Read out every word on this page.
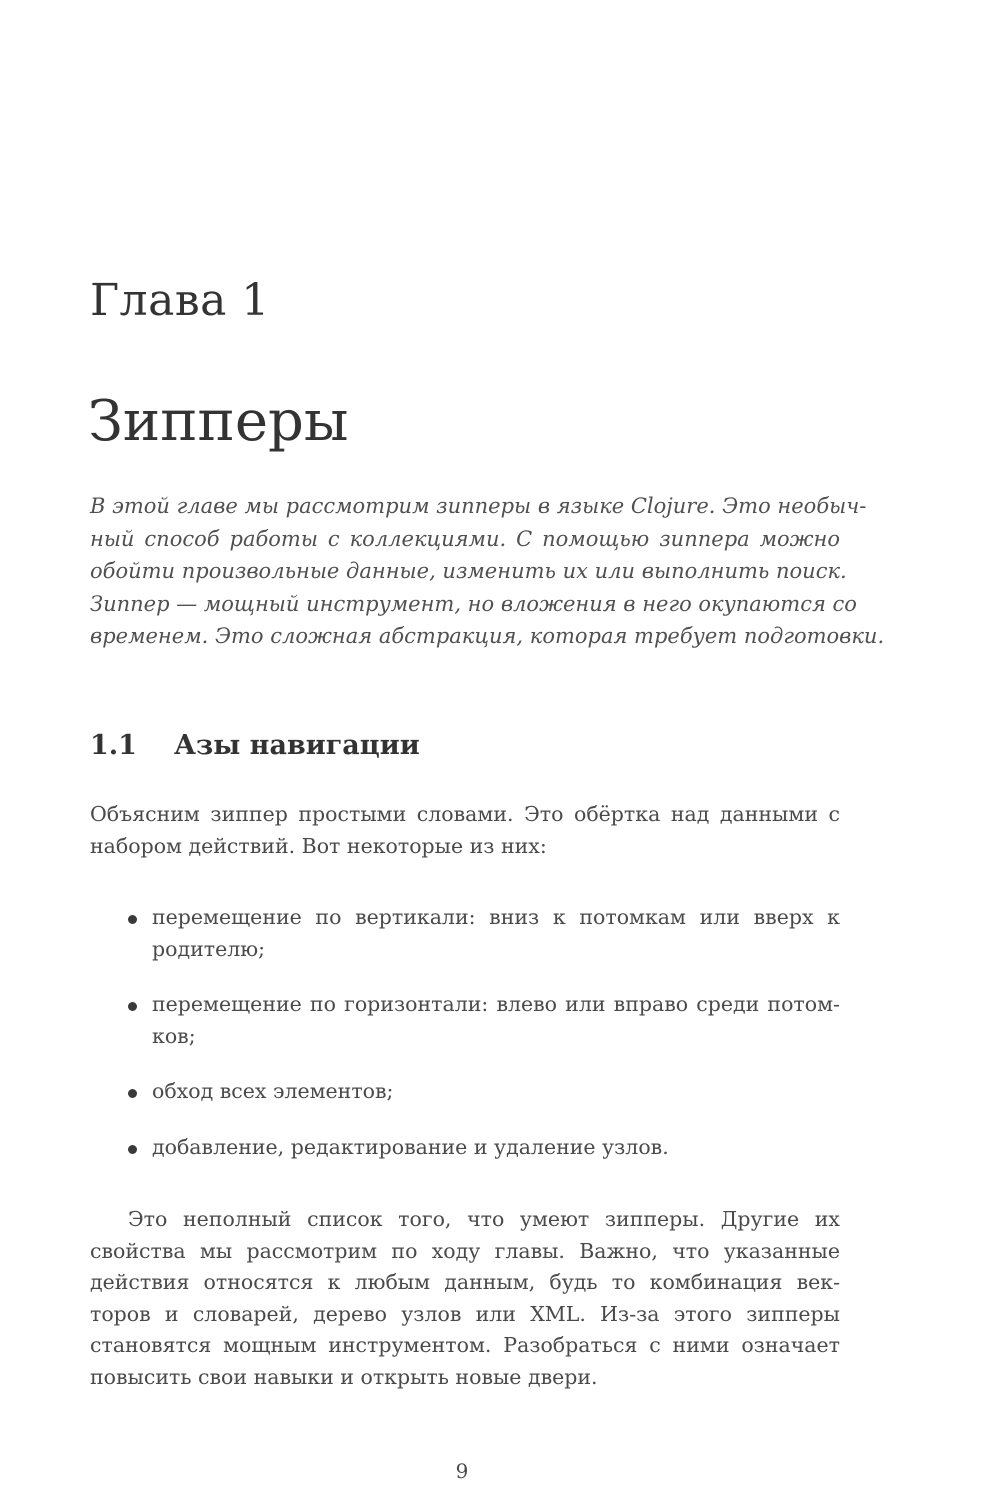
Глава 1
Зипперы
В этой главе мы рассмотрим зипперы в языке Clojure. Это необыч-
ный способ работы с коллекциями. С помощью зиппера можно
обойти произвольные данные, изменить их или выполнить поиск.
Зиппер — мощный инструмент, но вложения в него окупаются со
временем. Это сложная абстракция, которая требует подготовки.
1.1 Азы навигации
Объясним зиппер простыми словами. Это обёртка над данными с
набором действий. Вот некоторые из них:
перемещение по вертикали: вниз к потомкам или вверх к
родителю;
перемещение по горизонтали: влево или вправо среди потом-
ков;
обход всех элементов;
добавление, редактирование и удаление узлов.
Это неполный список того, что умеют зипперы. Другие их
свойства мы рассмотрим по ходу главы. Важно, что указанные
действия относятся к любым данным, будь то комбинация век-
торов и словарей, дерево узлов или XML. Из-за этого зипперы
становятся мощным инструментом. Разобраться с ними означает
повысить свои навыки и открыть новые двери.
9
